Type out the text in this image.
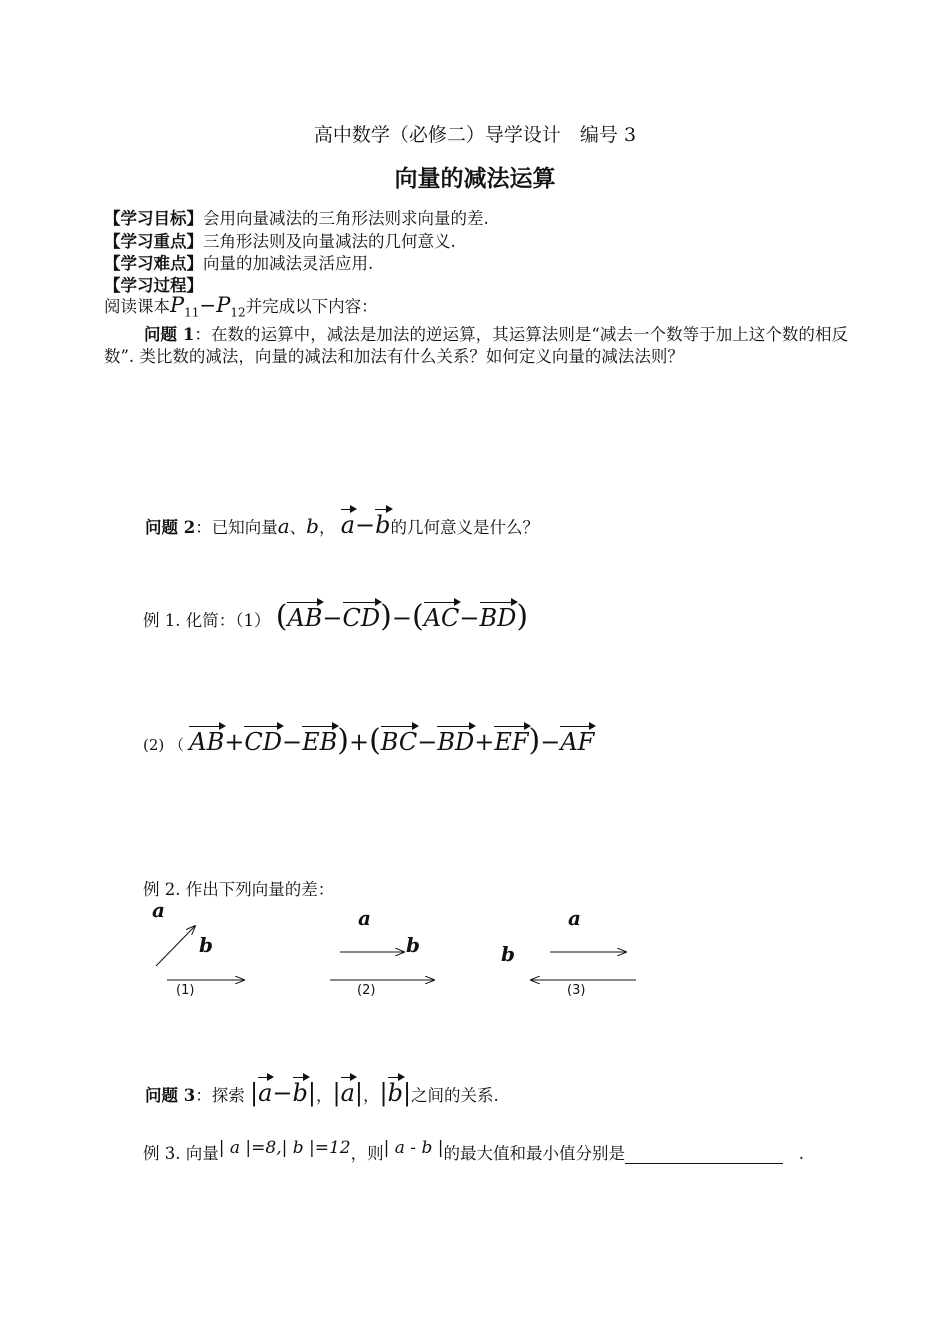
高中数学（必修二）导学设计　编号 3
向量的减法运算
【学习目标】会用向量减法的三角形法则求向量的差.
【学习重点】三角形法则及向量减法的几何意义.
【学习难点】向量的加减法灵活应用.
【学习过程】
阅读课本$P_{11}-P_{12}$并完成以下内容：
问题 1：在数的运算中，减法是加法的逆运算，其运算法则是“减去一个数等于加上这个数的相反数”. 类比数的减法，向量的减法和加法有什么关系？如何定义向量的减法法则？
问题 2：已知向量a、b， a−b的几何意义是什么？
例 1. 化简：（1） (AB−CD)−(AC−BD)
(2) （ AB+CD−EB)+(BC−BD+EF)−AF
例 2. 作出下列向量的差：
a
b
a
b
a
b
(1)	(2)	(3)
问题 3：探索 |a−b|，|a|，|b|之间的关系.
例 3. 向量| a |=8,| b |=12，则| a - b |的最大值和最小值分别是	.
